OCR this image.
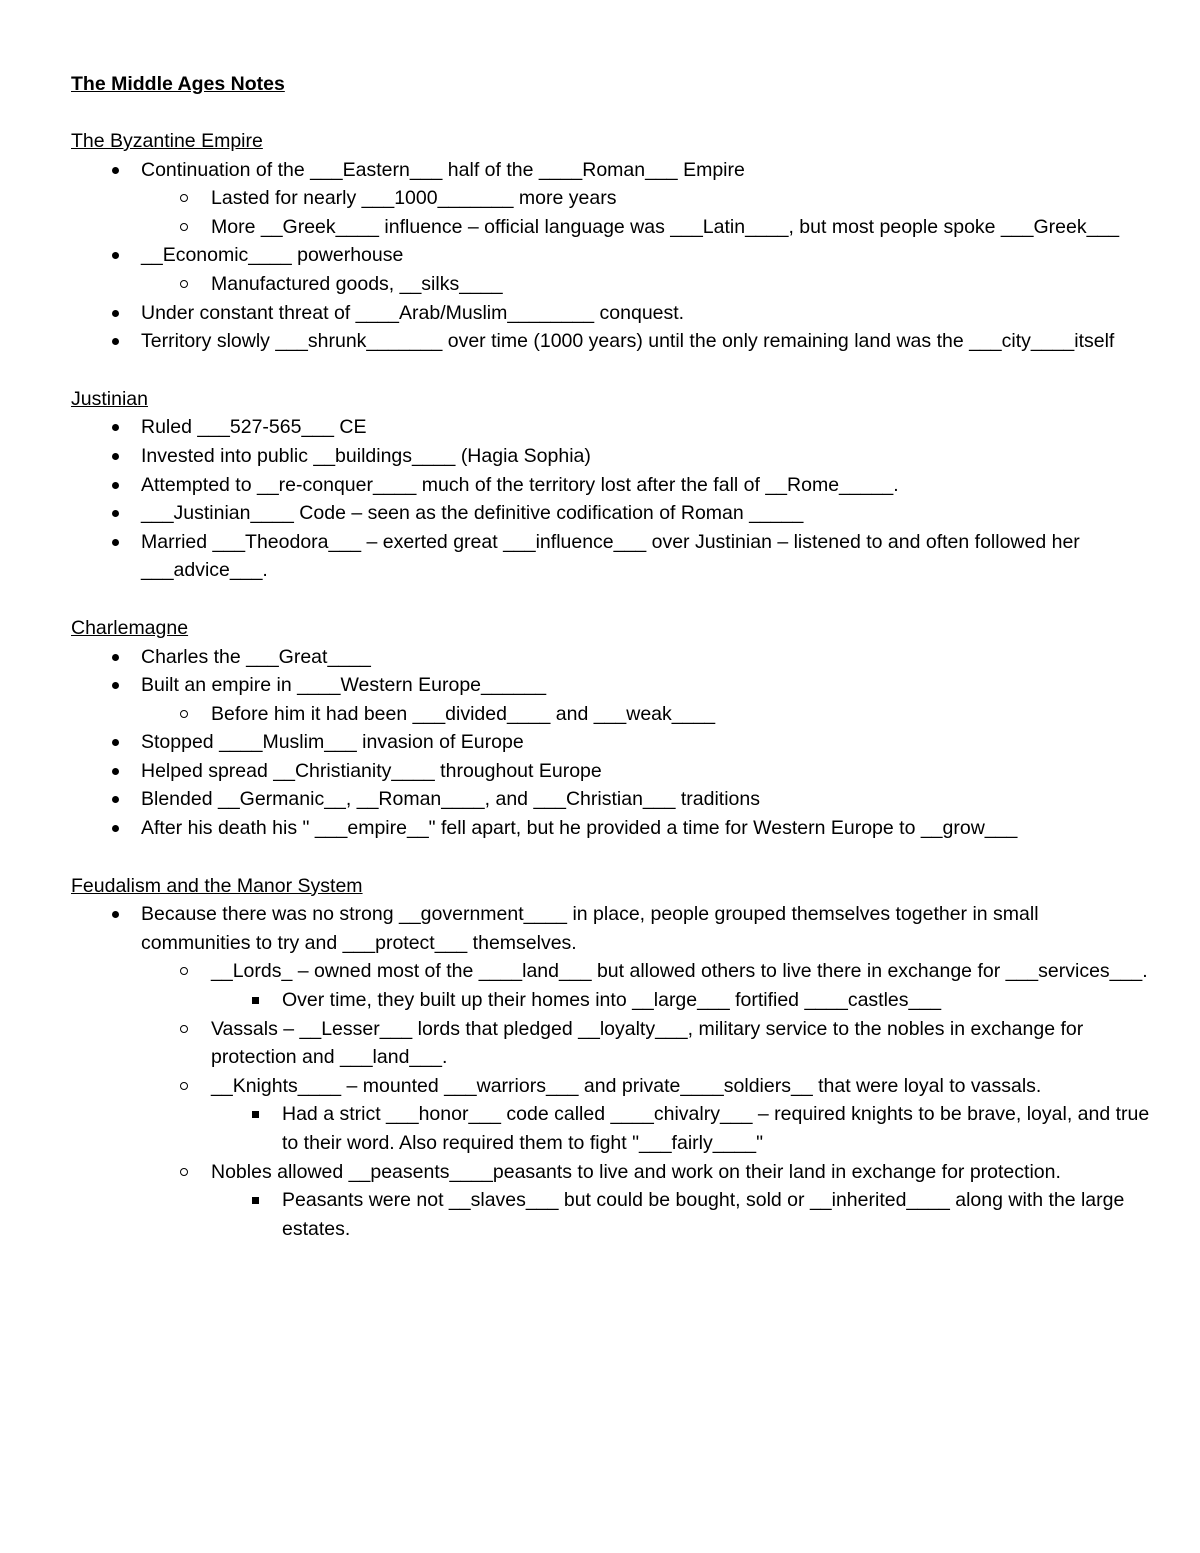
The Middle Ages Notes
The Byzantine Empire
Continuation of the ___Eastern___ half of the ____Roman___ Empire
Lasted for nearly ___1000_______ more years
More __Greek____ influence – official language was ___Latin____, but most people spoke ___Greek___
__Economic____ powerhouse
Manufactured goods, __silks____
Under constant threat of ____Arab/Muslim________ conquest.
Territory slowly ___shrunk_______ over time (1000 years) until the only remaining land was the ___city____itself
Justinian
Ruled ___527-565___ CE
Invested into public __buildings____ (Hagia Sophia)
Attempted to __re-conquer____ much of the territory lost after the fall of __Rome_____.
___Justinian____ Code – seen as the definitive codification of Roman _____
Married ___Theodora___ – exerted great ___influence___ over Justinian – listened to and often followed her ___advice___.
Charlemagne
Charles the ___Great____
Built an empire in ____Western Europe______
Before him it had been ___divided____ and ___weak____
Stopped ____Muslim___ invasion of Europe
Helped spread __Christianity____ throughout Europe
Blended __Germanic__, __Roman____, and ___Christian___ traditions
After his death his " ___empire__" fell apart, but he provided a time for Western Europe to __grow___
Feudalism and the Manor System
Because there was no strong __government____ in place, people grouped themselves together in small communities to try and ___protect___ themselves.
__Lords_ – owned most of the ____land___ but allowed others to live there in exchange for ___services___.
Over time, they built up their homes into __large___ fortified ____castles___
Vassals – __Lesser___ lords that pledged __loyalty___, military service to the nobles in exchange for protection and ___land___.
__Knights____ – mounted ___warriors___ and private____soldiers__ that were loyal to vassals.
Had a strict ___honor___ code called ____chivalry___ – required knights to be brave, loyal, and true to their word. Also required them to fight "___fairly____"
Nobles allowed __peasents____peasants to live and work on their land in exchange for protection.
Peasants were not __slaves___ but could be bought, sold or __inherited____ along with the large estates.
